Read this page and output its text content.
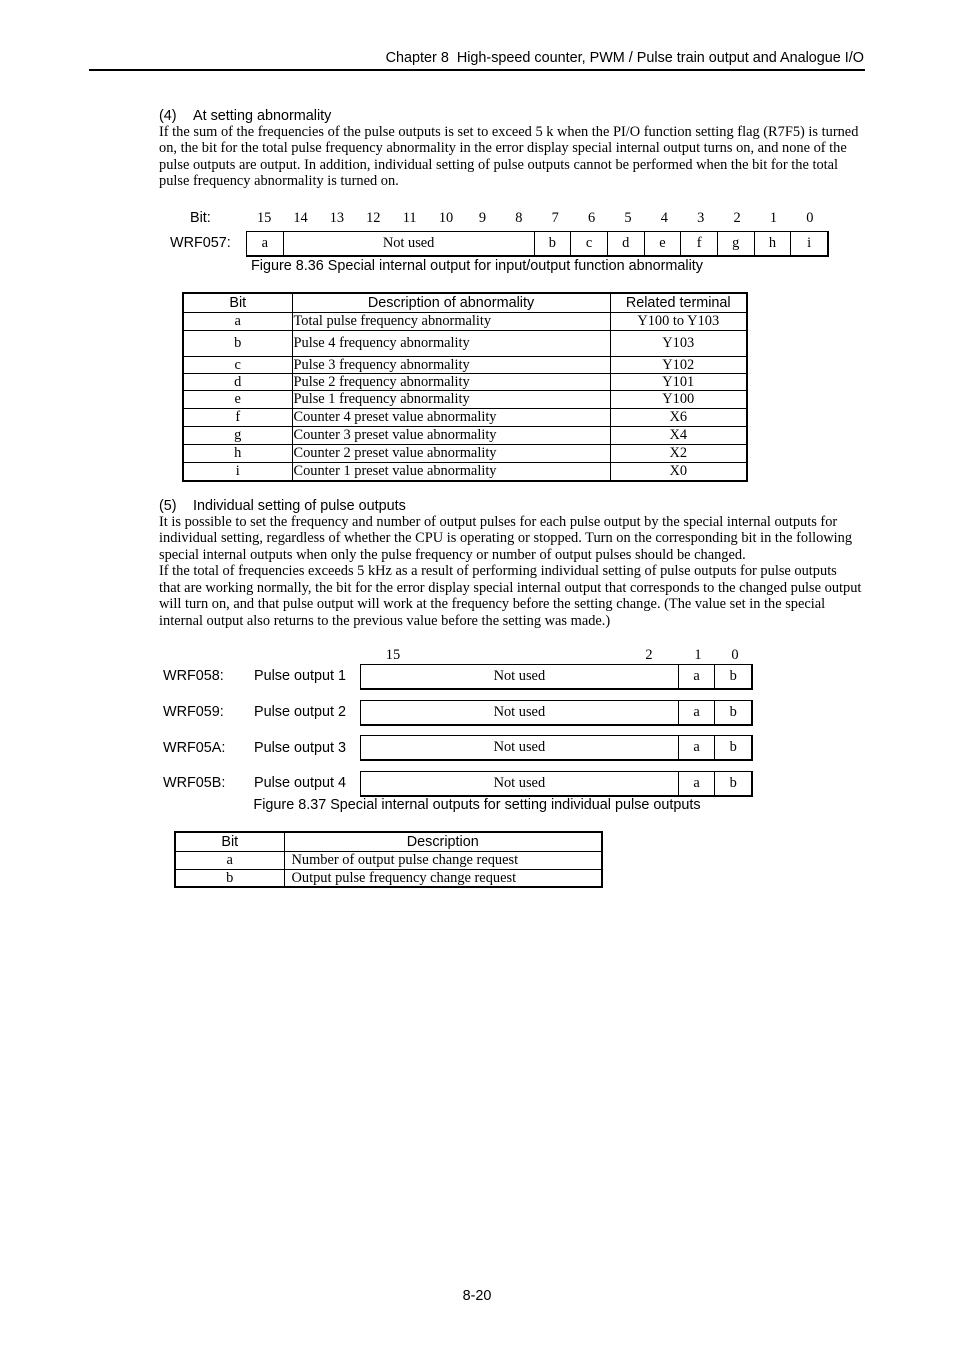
Chapter 8  High-speed counter, PWM / Pulse train output and Analogue I/O
(4) At setting abnormality
If the sum of the frequencies of the pulse outputs is set to exceed 5 k when the PI/O function setting flag (R7F5) is turned
on, the bit for the total pulse frequency abnormality in the error display special internal output turns on, and none of the
pulse outputs are output. In addition, individual setting of pulse outputs cannot be performed when the bit for the total
pulse frequency abnormality is turned on.
Bit:	15	14	13	12	11	10	9	8	7	6	5	4	3	2	1	0
WRF057:	a	Not used	b	c	d	e	f	g	h	i
Figure 8.36 Special internal output for input/output function abnormality
Bit	Description of abnormality	Related terminal
a	Total pulse frequency abnormality	Y100 to Y103
b	Pulse 4 frequency abnormality	Y103
c	Pulse 3 frequency abnormality	Y102
d	Pulse 2 frequency abnormality	Y101
e	Pulse 1 frequency abnormality	Y100
f	Counter 4 preset value abnormality	X6
g	Counter 3 preset value abnormality	X4
h	Counter 2 preset value abnormality	X2
i	Counter 1 preset value abnormality	X0
(5) Individual setting of pulse outputs
It is possible to set the frequency and number of output pulses for each pulse output by the special internal outputs for
individual setting, regardless of whether the CPU is operating or stopped. Turn on the corresponding bit in the following
special internal outputs when only the pulse frequency or number of output pulses should be changed.
If the total of frequencies exceeds 5 kHz as a result of performing individual setting of pulse outputs for pulse outputs
that are working normally, the bit for the error display special internal output that corresponds to the changed pulse output
will turn on, and that pulse output will work at the frequency before the setting change. (The value set in the special
internal output also returns to the previous value before the setting was made.)
15	2	1	0
WRF058: Pulse output 1	Not used	a	b
WRF059: Pulse output 2	Not used	a	b
WRF05A: Pulse output 3	Not used	a	b
WRF05B: Pulse output 4	Not used	a	b
Figure 8.37 Special internal outputs for setting individual pulse outputs
Bit	Description
a	Number of output pulse change request
b	Output pulse frequency change request
8-20
